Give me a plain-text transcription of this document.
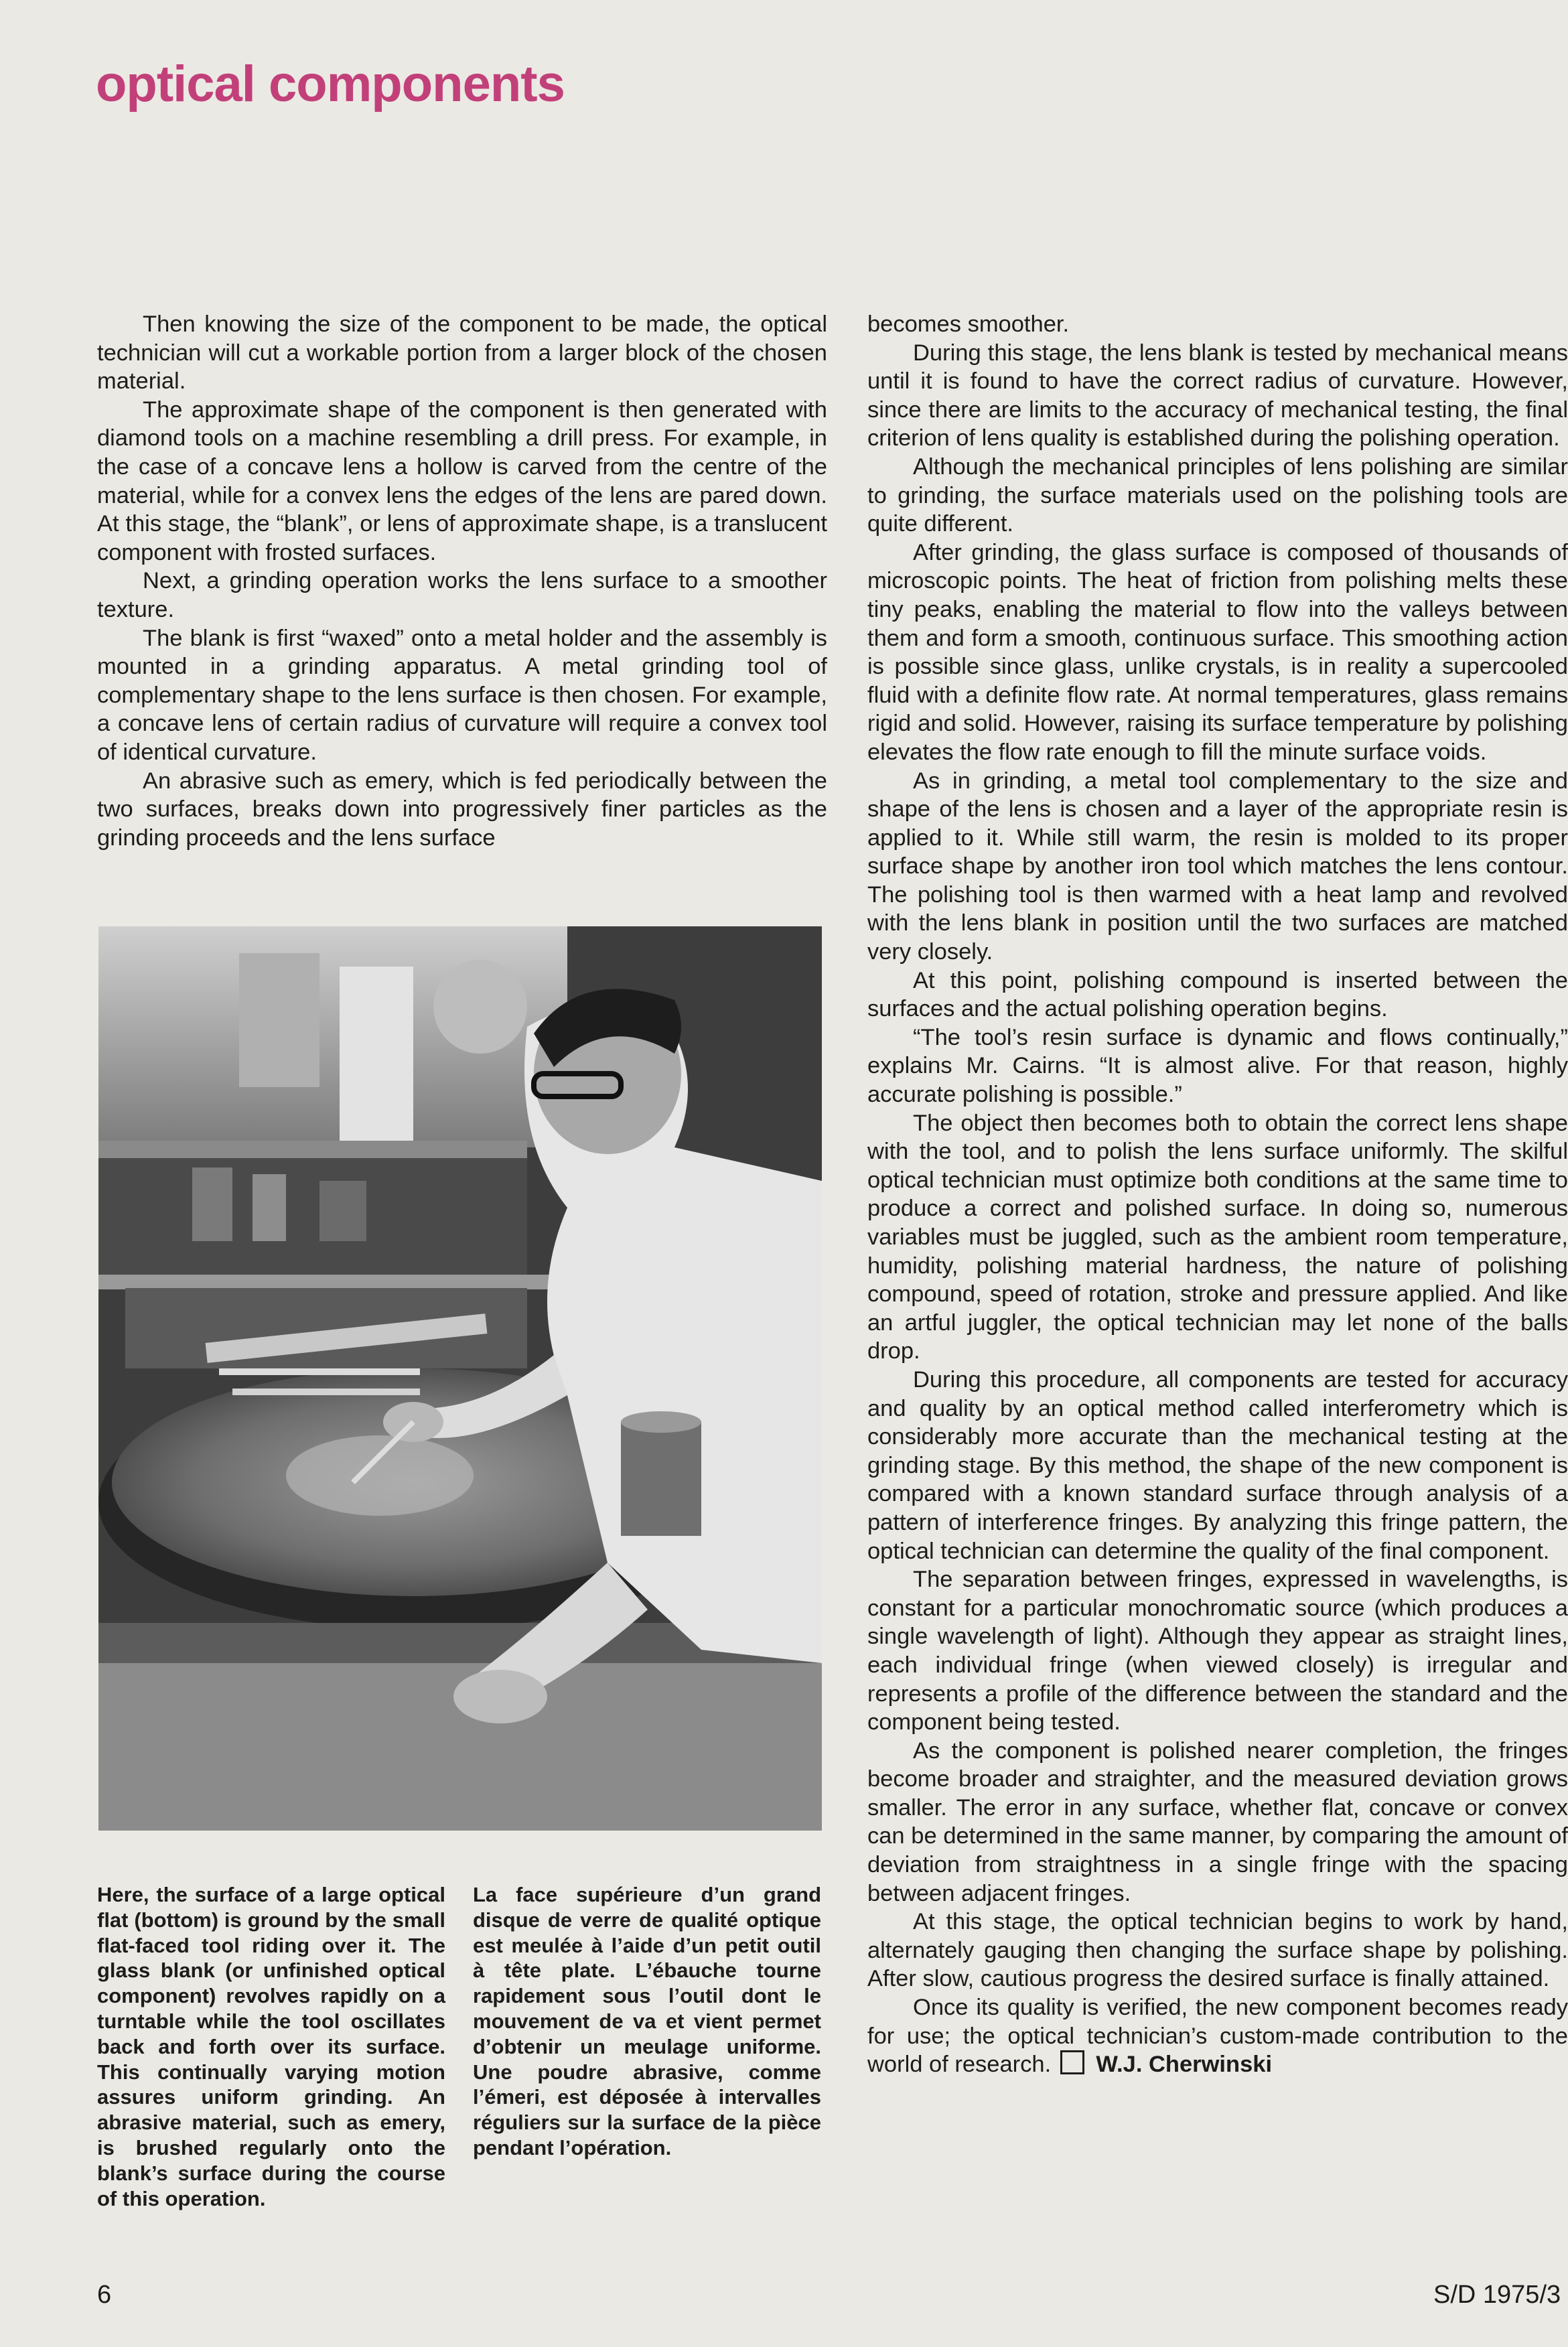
optical components

Then knowing the size of the component to be made, the optical technician will cut a workable portion from a larger block of the chosen material.

The approximate shape of the component is then generated with diamond tools on a machine resembling a drill press. For example, in the case of a concave lens a hollow is carved from the centre of the material, while for a convex lens the edges of the lens are pared down. At this stage, the “blank”, or lens of approximate shape, is a translucent component with frosted surfaces.

Next, a grinding operation works the lens surface to a smoother texture.

The blank is first “waxed” onto a metal holder and the assembly is mounted in a grinding apparatus. A metal grinding tool of complementary shape to the lens surface is then chosen. For example, a concave lens of certain radius of curvature will require a convex tool of identical curvature.

An abrasive such as emery, which is fed periodically between the two surfaces, breaks down into progressively finer particles as the grinding proceeds and the lens surface

Here, the surface of a large optical flat (bottom) is ground by the small flat-faced tool riding over it. The glass blank (or unfinished optical component) revolves rapidly on a turntable while the tool oscillates back and forth over its surface. This continually varying motion assures uniform grinding. An abrasive material, such as emery, is brushed regularly onto the blank’s surface during the course of this operation.
La face supérieure d’un grand disque de verre de qualité optique est meulée à l’aide d’un petit outil à tête plate. L’ébauche tourne rapidement sous l’outil dont le mouvement de va et vient permet d’obtenir un meulage uniforme. Une poudre abrasive, comme l’émeri, est déposée à intervalles réguliers sur la surface de la pièce pendant l’opération.

becomes smoother.

During this stage, the lens blank is tested by mechanical means until it is found to have the correct radius of curvature. However, since there are limits to the accuracy of mechanical testing, the final criterion of lens quality is established during the polishing operation.

Although the mechanical principles of lens polishing are similar to grinding, the surface materials used on the polishing tools are quite different.

After grinding, the glass surface is composed of thousands of microscopic points. The heat of friction from polishing melts these tiny peaks, enabling the material to flow into the valleys between them and form a smooth, continuous surface. This smoothing action is possible since glass, unlike crystals, is in reality a supercooled fluid with a definite flow rate. At normal temperatures, glass remains rigid and solid. However, raising its surface temperature by polishing elevates the flow rate enough to fill the minute surface voids.

As in grinding, a metal tool complementary to the size and shape of the lens is chosen and a layer of the appropriate resin is applied to it. While still warm, the resin is molded to its proper surface shape by another iron tool which matches the lens contour. The polishing tool is then warmed with a heat lamp and revolved with the lens blank in position until the two surfaces are matched very closely.

At this point, polishing compound is inserted between the surfaces and the actual polishing operation begins.

“The tool’s resin surface is dynamic and flows continually,” explains Mr. Cairns. “It is almost alive. For that reason, highly accurate polishing is possible.”

The object then becomes both to obtain the correct lens shape with the tool, and to polish the lens surface uniformly. The skilful optical technician must optimize both conditions at the same time to produce a correct and polished surface. In doing so, numerous variables must be juggled, such as the ambient room temperature, humidity, polishing material hardness, the nature of polishing compound, speed of rotation, stroke and pressure applied. And like an artful juggler, the optical technician may let none of the balls drop.

During this procedure, all components are tested for accuracy and quality by an optical method called interferometry which is considerably more accurate than the mechanical testing at the grinding stage. By this method, the shape of the new component is compared with a known standard surface through analysis of a pattern of interference fringes. By analyzing this fringe pattern, the optical technician can determine the quality of the final component.

The separation between fringes, expressed in wavelengths, is constant for a particular monochromatic source (which produces a single wavelength of light). Although they appear as straight lines, each individual fringe (when viewed closely) is irregular and represents a profile of the difference between the standard and the component being tested.

As the component is polished nearer completion, the fringes become broader and straighter, and the measured deviation grows smaller. The error in any surface, whether flat, concave or convex can be determined in the same manner, by comparing the amount of deviation from straightness in a single fringe with the spacing between adjacent fringes.

At this stage, the optical technician begins to work by hand, alternately gauging then changing the surface shape by polishing. After slow, cautious progress the desired surface is finally attained.

Once its quality is verified, the new component becomes ready for use; the optical technician’s custom-made contribution to the world of research. W.J. Cherwinski

6	S/D 1975/3
